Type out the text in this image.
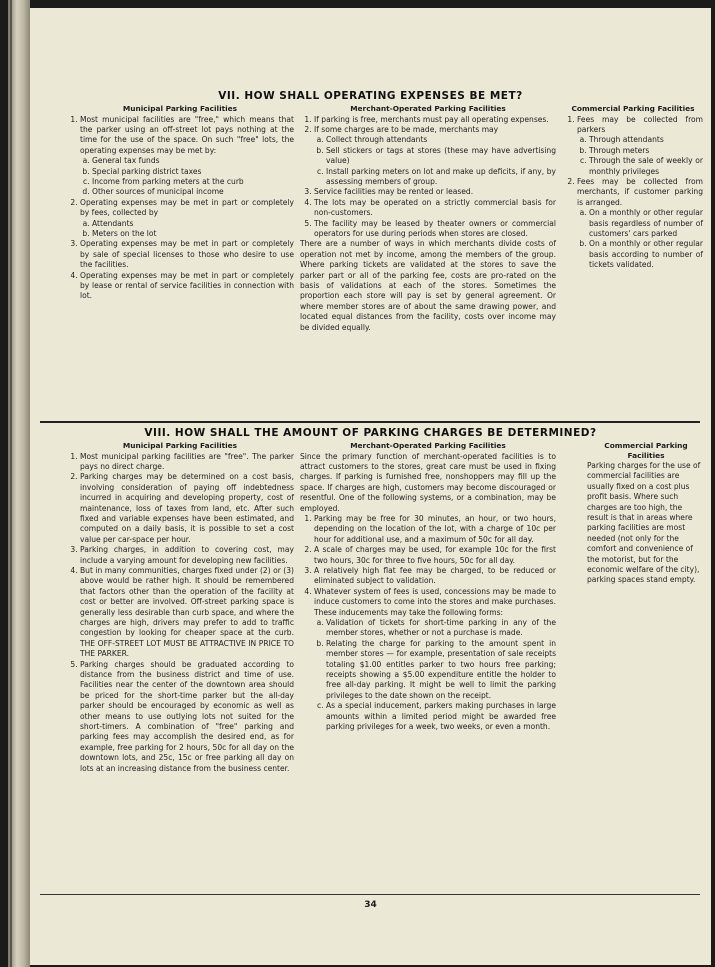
VII. HOW SHALL OPERATING EXPENSES BE MET?
Municipal Parking Facilities
1. Most municipal facilities are "free," which means that the parker using an off-street lot pays nothing at the time for the use of the space. On such "free" lots, the operating expenses may be met by:
a. General tax funds
b. Special parking district taxes
c. Income from parking meters at the curb
d. Other sources of municipal income
2. Operating expenses may be met in part or completely by fees, collected by
a. Attendants
b. Meters on the lot
3. Operating expenses may be met in part or completely by sale of special licenses to those who desire to use the facilities.
4. Operating expenses may be met in part or completely by lease or rental of service facilities in connection with lot.
Merchant-Operated Parking Facilities
1. If parking is free, merchants must pay all operating expenses.
2. If some charges are to be made, merchants may
a. Collect through attendants
b. Sell stickers or tags at stores (these may have advertising value)
c. Install parking meters on lot and make up deficits, if any, by assessing members of group.
3. Service facilities may be rented or leased.
4. The lots may be operated on a strictly commercial basis for non-customers.
5. The facility may be leased by theater owners or commercial operators for use during periods when stores are closed.

There are a number of ways in which merchants divide costs of operation not met by income, among the members of the group. Where parking tickets are validated at the stores to save the parker part or all of the parking fee, costs are pro-rated on the basis of validations at each of the stores. Sometimes the proportion each store will pay is set by general agreement. Or where member stores are of about the same drawing power, and located equal distances from the facility, costs over income may be divided equally.

Commercial Parking Facilities
1. Fees may be collected from parkers
a. Through attendants
b. Through meters
c. Through the sale of weekly or monthly privileges
2. Fees may be collected from merchants, if customer parking is arranged.
a. On a monthly or other regular basis regardless of number of customers' cars parked
b. On a monthly or other regular basis according to number of tickets validated.
VIII. HOW SHALL THE AMOUNT OF PARKING CHARGES BE DETERMINED?
Municipal Parking Facilities
1. Most municipal parking facilities are "free". The parker pays no direct charge.
2. Parking charges may be determined on a cost basis, involving consideration of paying off indebtedness incurred in acquiring and developing property, cost of maintenance, loss of taxes from land, etc. After such fixed and variable expenses have been estimated, and computed on a daily basis, it is possible to set a cost value per car-space per hour.
3. Parking charges, in addition to covering cost, may include a varying amount for developing new facilities.
4. But in many communities, charges fixed under (2) or (3) above would be rather high. It should be remembered that factors other than the operation of the facility at cost or better are involved. Off-street parking space is generally less desirable than curb space, and where the charges are high, drivers may prefer to add to traffic congestion by looking for cheaper space at the curb. THE OFF-STREET LOT MUST BE ATTRACTIVE IN PRICE TO THE PARKER.
5. Parking charges should be graduated according to distance from the business district and time of use. Facilities near the center of the downtown area should be priced for the short-time parker but the all-day parker should be encouraged by economic as well as other means to use outlying lots not suited for the short-timers. A combination of "free" parking and parking fees may accomplish the desired end, as for example, free parking for 2 hours, 50c for all day on the downtown lots, and 25c, 15c or free parking all day on lots at an increasing distance from the business center.
Merchant-Operated Parking Facilities

Since the primary function of merchant-operated facilities is to attract customers to the stores, great care must be used in fixing charges. If parking is furnished free, nonshoppers may fill up the space. If charges are high, customers may become discouraged or resentful. One of the following systems, or a combination, may be employed.

1. Parking may be free for 30 minutes, an hour, or two hours, depending on the location of the lot, with a charge of 10c per hour for additional use, and a maximum of 50c for all day.
2. A scale of charges may be used, for example 10c for the first two hours, 30c for three to five hours, 50c for all day.
3. A relatively high flat fee may be charged, to be reduced or eliminated subject to validation.
4. Whatever system of fees is used, concessions may be made to induce customers to come into the stores and make purchases. These inducements may take the following forms:
a. Validation of tickets for short-time parking in any of the member stores, whether or not a purchase is made.
b. Relating the charge for parking to the amount spent in member stores — for example, presentation of sale receipts totaling $1.00 entitles parker to two hours free parking; receipts showing a $5.00 expenditure entitle the holder to free all-day parking. It might be well to limit the parking privileges to the date shown on the receipt.
c. As a special inducement, parkers making purchases in large amounts within a limited period might be awarded free parking privileges for a week, two weeks, or even a month.
Commercial Parking Facilities

Parking charges for the use of commercial facilities are usually fixed on a cost plus profit basis. Where such charges are too high, the result is that in areas where parking facilities are most needed (not only for the comfort and convenience of the motorist, but for the economic welfare of the city), parking spaces stand empty.

34
